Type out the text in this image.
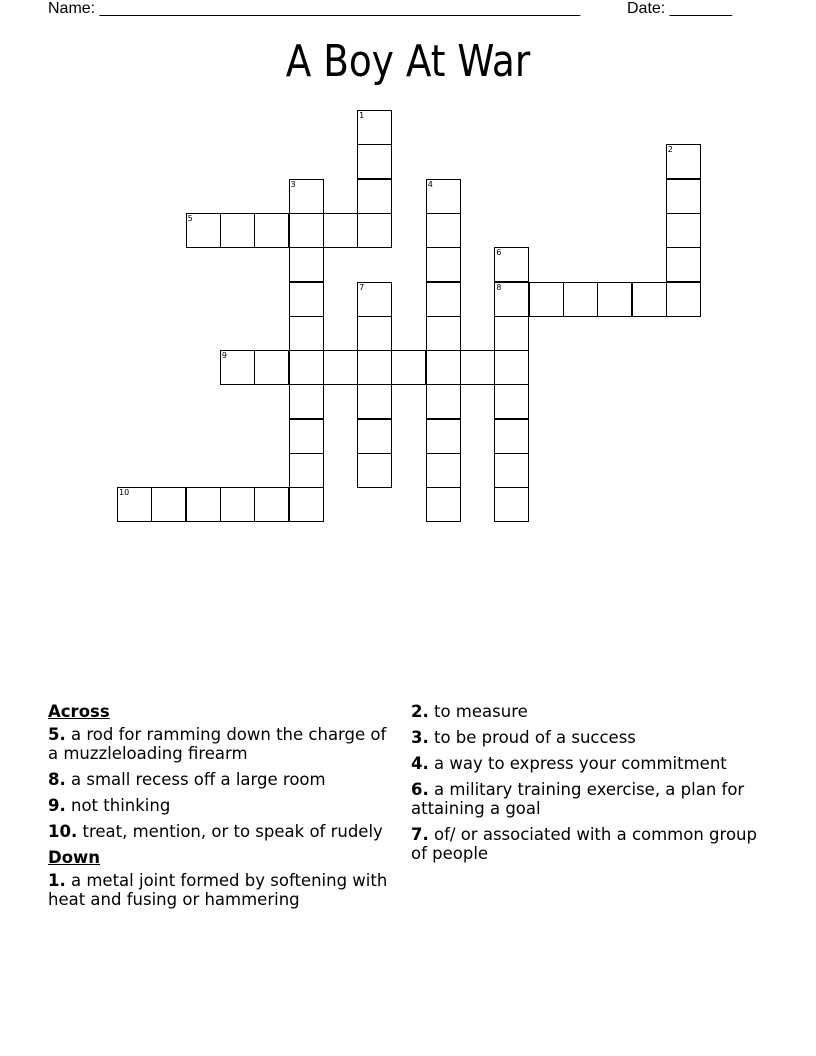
Name: ______________________________________________________	Date: _______
A Boy At War
1
2
3	4
5
6
8
7
9
10
Across
5. a rod for ramming down the charge of a muzzleloading firearm
8. a small recess off a large room
9. not thinking
10. treat, mention, or to speak of rudely
Down
1. a metal joint formed by softening with heat and fusing or hammering
2. to measure
3. to be proud of a success
4. a way to express your commitment
6. a military training exercise, a plan for attaining a goal
7. of/ or associated with a common group of people
